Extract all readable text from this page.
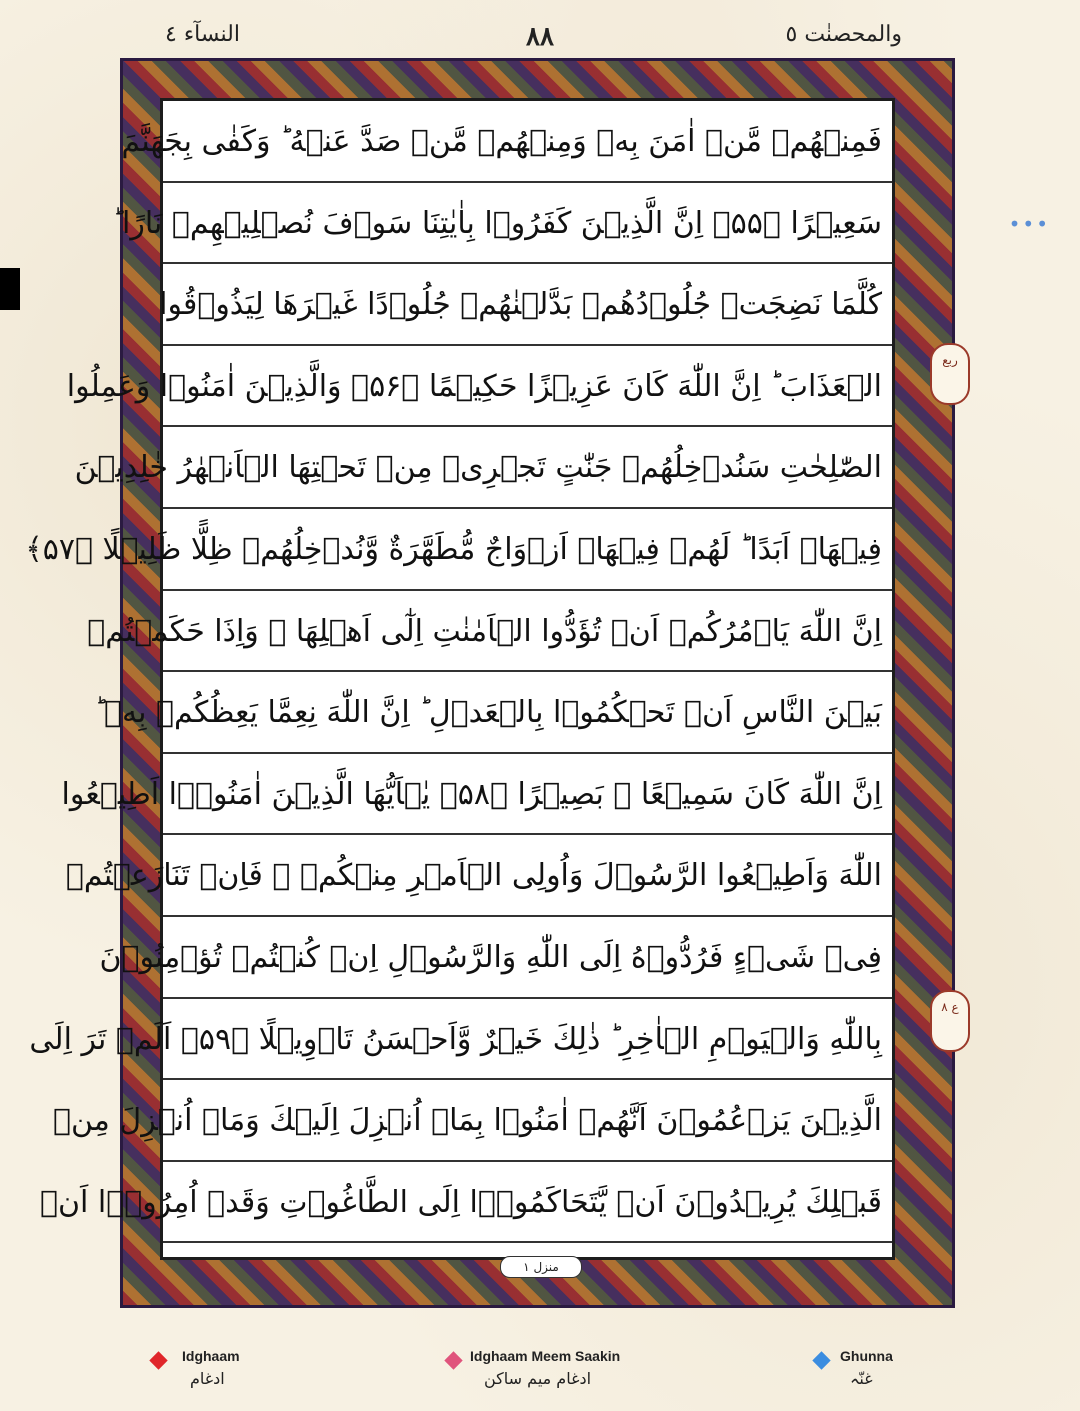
والمحصنٰت ٥
٨٨
النسآء ٤
•••
فَمِنۡهُمۡ مَّنۡ اٰمَنَ بِهٖ وَمِنۡهُمۡ مَّنۡ صَدَّ عَنۡهُ ؕ وَكَفٰى بِجَهَنَّمَ
سَعِيۡرًا ﴿۵۵﴾ اِنَّ الَّذِيۡنَ كَفَرُوۡا بِاٰيٰتِنَا سَوۡفَ نُصۡلِيۡهِمۡ نَارًا ؕ
كُلَّمَا نَضِجَتۡ جُلُوۡدُهُمۡ بَدَّلۡنٰهُمۡ جُلُوۡدًا غَيۡرَهَا لِيَذُوۡقُوا
الۡعَذَابَ ؕ اِنَّ اللّٰهَ كَانَ عَزِيۡزًا حَكِيۡمًا ﴿۵۶﴾ وَالَّذِيۡنَ اٰمَنُوۡا وَعَمِلُوا
الصّٰلِحٰتِ سَنُدۡخِلُهُمۡ جَنّٰتٍ تَجۡرِىۡ مِنۡ تَحۡتِهَا الۡاَنۡهٰرُ خٰلِدِيۡنَ
فِيۡهَاۤ اَبَدًا ؕ لَهُمۡ فِيۡهَاۤ اَزۡوَاجٌ مُّطَهَّرَةٌ وَّنُدۡخِلُهُمۡ ظِلًّا ظَلِيۡلًا ﴿۵۷﴾
اِنَّ اللّٰهَ يَاۡمُرُكُمۡ اَنۡ تُؤَدُّوا الۡاَمٰنٰتِ اِلٰٓى اَهۡلِهَا ۙ وَاِذَا حَكَمۡتُمۡ
بَيۡنَ النَّاسِ اَنۡ تَحۡكُمُوۡا بِالۡعَدۡلِ ؕ اِنَّ اللّٰهَ نِعِمَّا يَعِظُكُمۡ بِهٖ ؕ
اِنَّ اللّٰهَ كَانَ سَمِيۡعًا ۢ بَصِيۡرًا ﴿۵۸﴾ يٰۤاَيُّهَا الَّذِيۡنَ اٰمَنُوۡۤا اَطِيۡعُوا
اللّٰهَ وَاَطِيۡعُوا الرَّسُوۡلَ وَاُولِى الۡاَمۡرِ مِنۡكُمۡ ۚ فَاِنۡ تَنَازَعۡتُمۡ
فِىۡ شَىۡءٍ فَرُدُّوۡهُ اِلَى اللّٰهِ وَالرَّسُوۡلِ اِنۡ كُنۡتُمۡ تُؤۡمِنُوۡنَ
بِاللّٰهِ وَالۡيَوۡمِ الۡاٰخِرِ ؕ ذٰلِكَ خَيۡرٌ وَّاَحۡسَنُ تَاۡوِيۡلًا ﴿۵۹﴾ اَلَمۡ تَرَ اِلَى
الَّذِيۡنَ يَزۡعُمُوۡنَ اَنَّهُمۡ اٰمَنُوۡا بِمَاۤ اُنۡزِلَ اِلَيۡكَ وَمَاۤ اُنۡزِلَ مِنۡ
قَبۡلِكَ يُرِيۡدُوۡنَ اَنۡ يَّتَحَاكَمُوۡۤا اِلَى الطَّاغُوۡتِ وَقَدۡ اُمِرُوۡۤا اَنۡ
ربع
ع ٨
منزل ١
Idghaam
ادغام
Idghaam Meem Saakin
ادغام میم ساکن
Ghunna
غنّہ
